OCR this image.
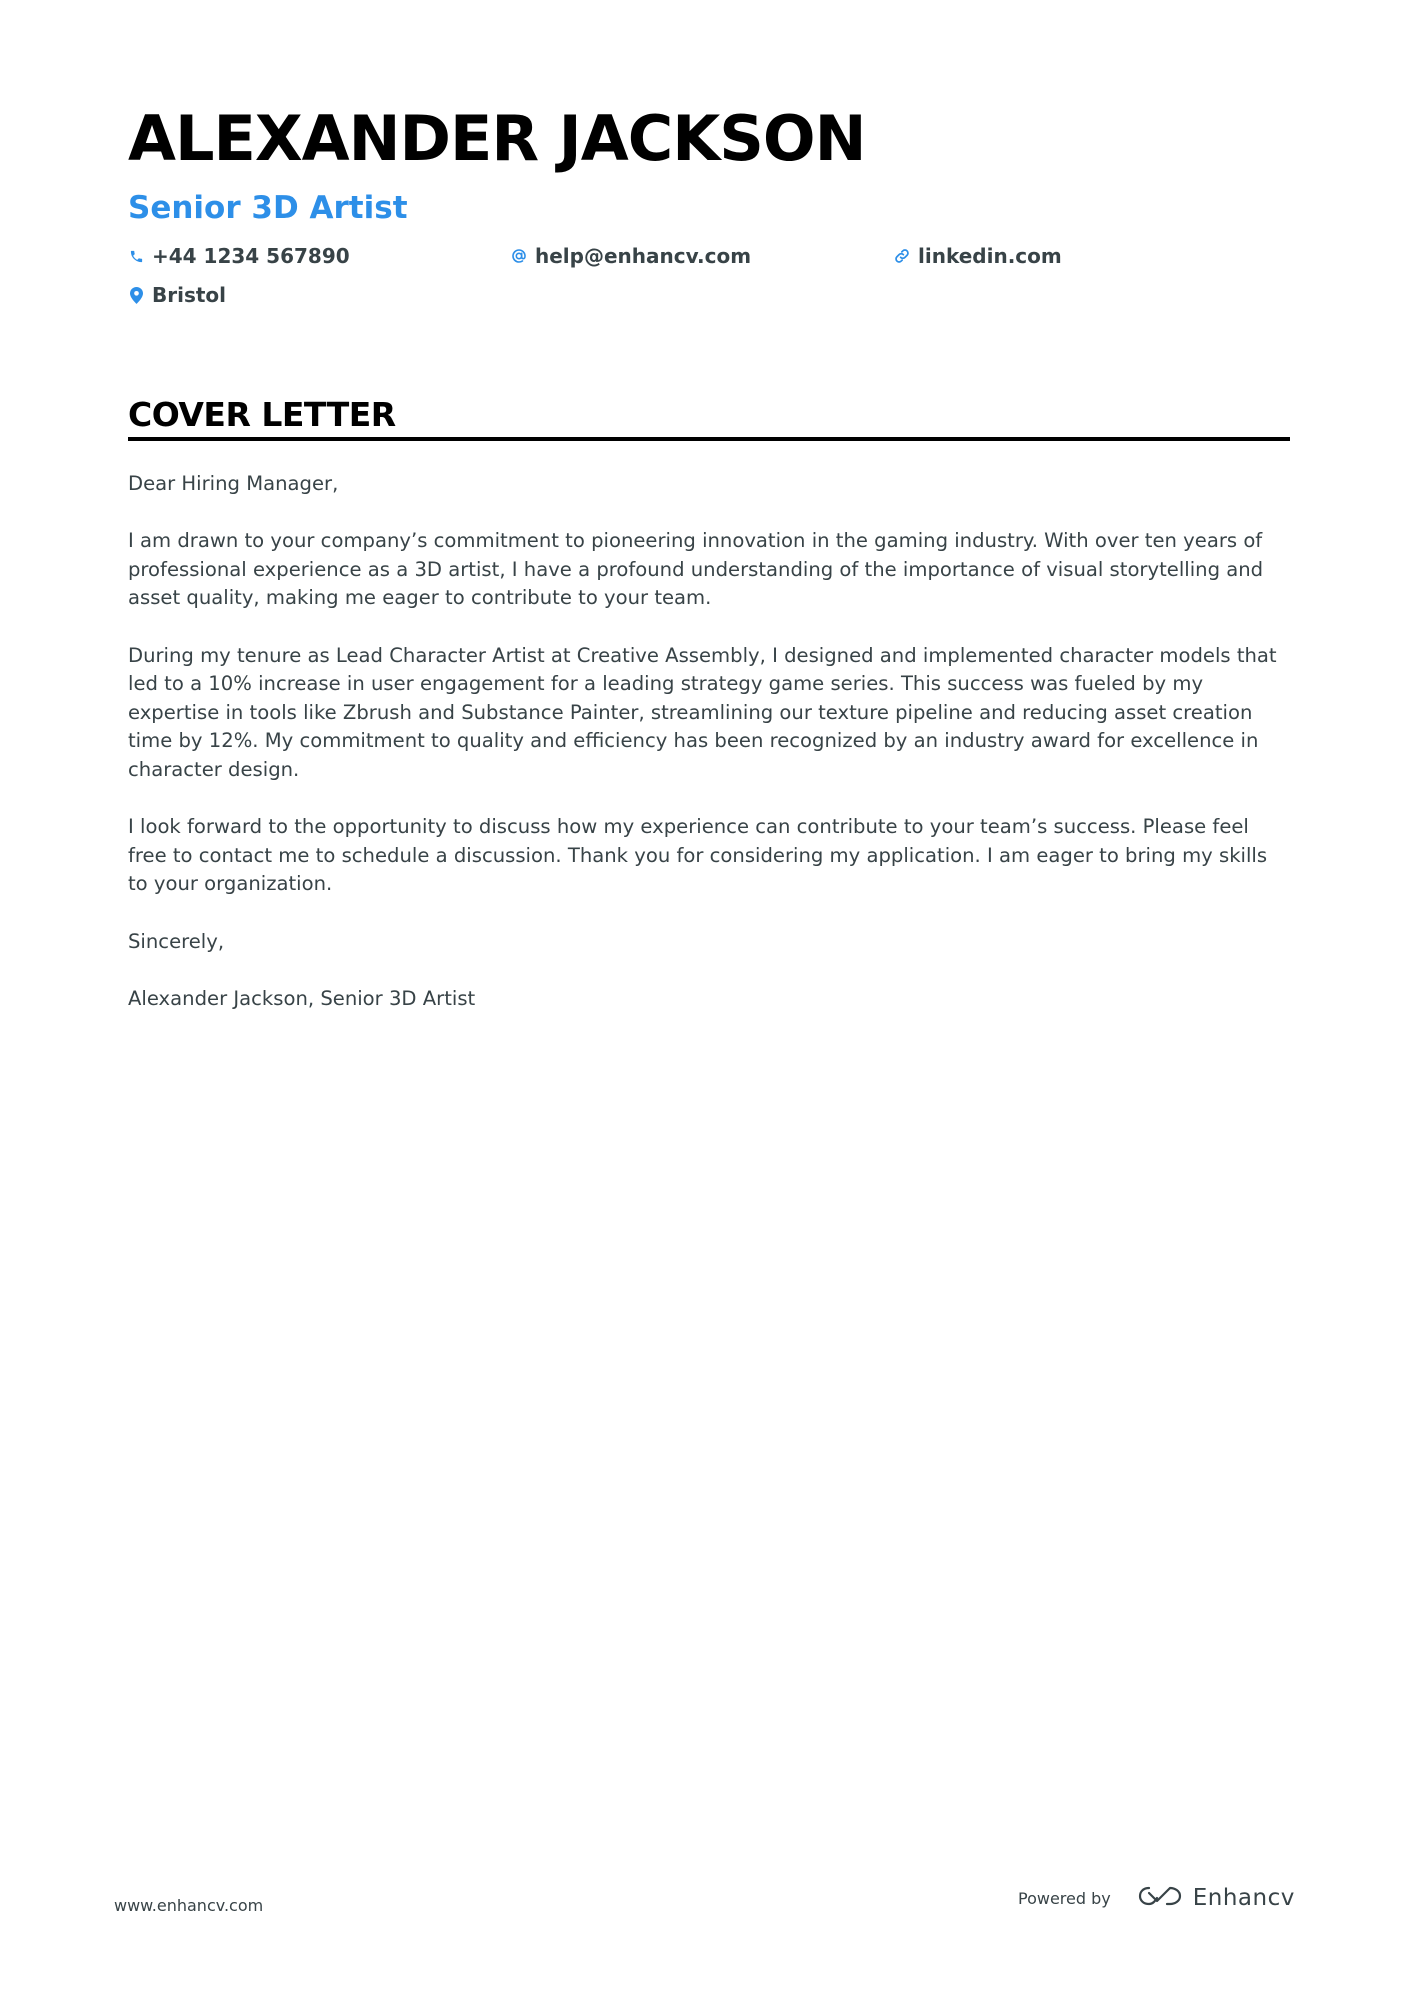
ALEXANDER JACKSON
Senior 3D Artist
+44 1234 567890	help@enhancv.com	linkedin.com
Bristol
COVER LETTER

Dear Hiring Manager,

I am drawn to your company’s commitment to pioneering innovation in the gaming industry. With over ten years of professional experience as a 3D artist, I have a profound understanding of the importance of visual storytelling and asset quality, making me eager to contribute to your team.

During my tenure as Lead Character Artist at Creative Assembly, I designed and implemented character models that led to a 10% increase in user engagement for a leading strategy game series. This success was fueled by my expertise in tools like Zbrush and Substance Painter, streamlining our texture pipeline and reducing asset creation time by 12%. My commitment to quality and efficiency has been recognized by an industry award for excellence in character design.

I look forward to the opportunity to discuss how my experience can contribute to your team’s success. Please feel free to contact me to schedule a discussion. Thank you for considering my application. I am eager to bring my skills to your organization.

Sincerely,

Alexander Jackson, Senior 3D Artist

www.enhancv.com	Powered by	Enhancv
